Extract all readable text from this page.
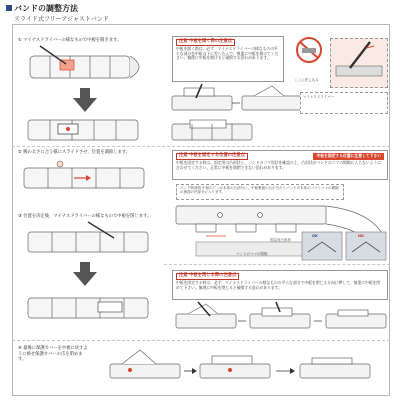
バンドの調整方法
スライド式フリーアジャストバンド
① マイナスドライバーの様なもので中板を開きます。	注意 中板を開く際の注意点
中板を開く際は、必ず、マイナスドライバーの様なものの平らな部分を中板の下に差し込んで、慎重に中板を開けてください。無理に中板を開けると破損する恐れがあります。
ここに差し込み
マイナスドライバー
② 腕の太さに合う様にスライドさせ、位置を調節します。
注意 中板を固定する位置の注意点	中板を固定する位置に注意して下さい
中板を固定する時は、固定用の凸形状と、バンドのコマ形状を確認の上、凸形状がバンドのコマの間隙に入らないように合わせてください。正常に中板を開閉できない恐れがあります。
バンド断面図 中留のピンが本体の凸部分に、中留裏面の凸が当たりバンドの本体のコマとコマの間隙の裏面の凹部分に入ります。
固定用凸形状
バンドのコマの間隙
OK	NG
③ 位置を決定後、マイナスドライバーの様なもので中板を閉じます。
注意 中板を閉じる際の注意点
中板を固定する時は、必ず、マイナスドライバーの様なものの平らな部分で中板を閉じる方向に押して、慎重に中板を閉めて下さい。無理に中板を閉じると破損する恐れがあります。
④ 最後に保護カバーを中板に戻すように被せ保護カバーの爪を閉めます。
